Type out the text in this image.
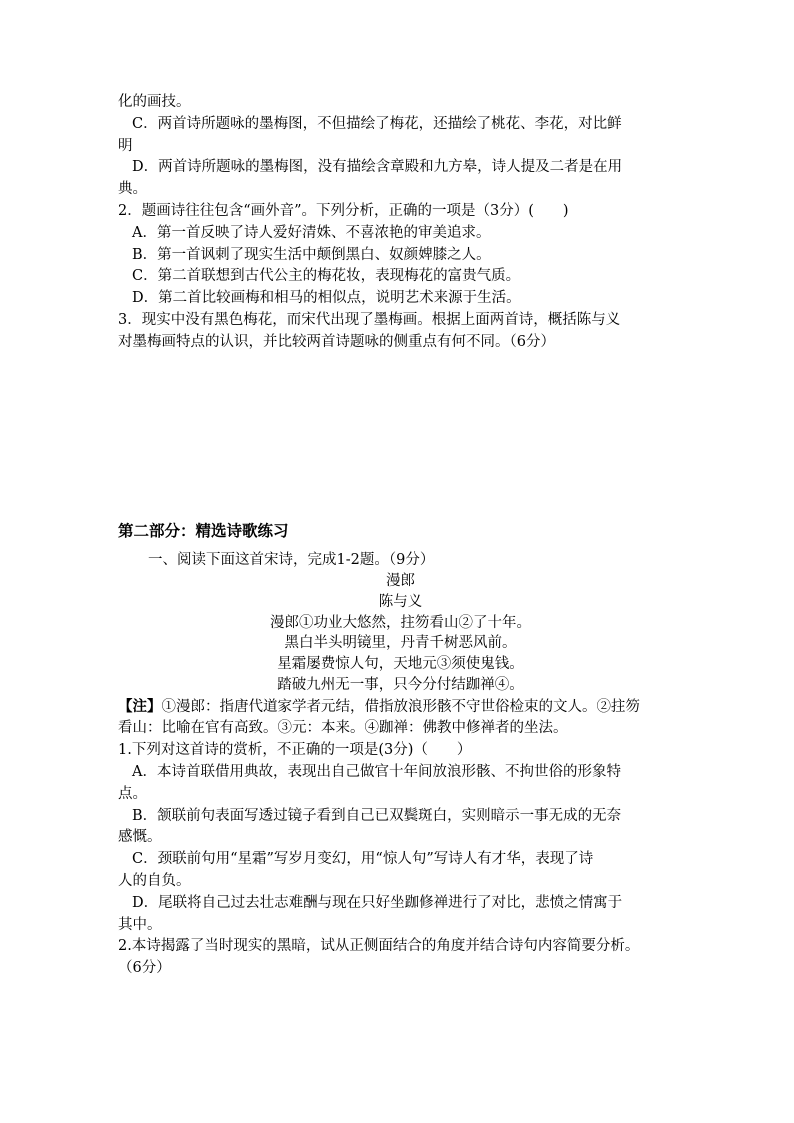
化的画技。
C．两首诗所题咏的墨梅图，不但描绘了梅花，还描绘了桃花、李花，对比鲜
明
D．两首诗所题咏的墨梅图，没有描绘含章殿和九方皋，诗人提及二者是在用
典。
2．题画诗往往包含“画外音”。下列分析，正确的一项是（3分）(　　)
A．第一首反映了诗人爱好清姝、不喜浓艳的审美追求。
B．第一首讽刺了现实生活中颠倒黑白、奴颜婢膝之人。
C．第二首联想到古代公主的梅花妆，表现梅花的富贵气质。
D．第二首比较画梅和相马的相似点，说明艺术来源于生活。
3．现实中没有黑色梅花，而宋代出现了墨梅画。根据上面两首诗，概括陈与义
对墨梅画特点的认识，并比较两首诗题咏的侧重点有何不同。（6分）
第二部分：精选诗歌练习
一、阅读下面这首宋诗，完成1-2题。（9分）
漫郎
陈与义
漫郎①功业大悠然，拄笏看山②了十年。
黑白半头明镜里，丹青千树恶风前。
星霜屡费惊人句，天地元③须使鬼钱。
踏破九州无一事，只今分付结跏禅④。
【注】①漫郎：指唐代道家学者元结，借指放浪形骸不守世俗检束的文人。②拄笏
看山：比喻在官有高致。③元：本来。④跏禅：佛教中修禅者的坐法。
1.下列对这首诗的赏析，不正确的一项是(3分)（　　）
A．本诗首联借用典故，表现出自己做官十年间放浪形骸、不拘世俗的形象特
点。
B．颔联前句表面写透过镜子看到自己已双鬓斑白，实则暗示一事无成的无奈
感慨。
C．颈联前句用“星霜”写岁月变幻，用“惊人句”写诗人有才华，表现了诗
人的自负。
D．尾联将自己过去壮志难酬与现在只好坐跏修禅进行了对比，悲愤之情寓于
其中。
2.本诗揭露了当时现实的黑暗，试从正侧面结合的角度并结合诗句内容简要分析。
（6分）
